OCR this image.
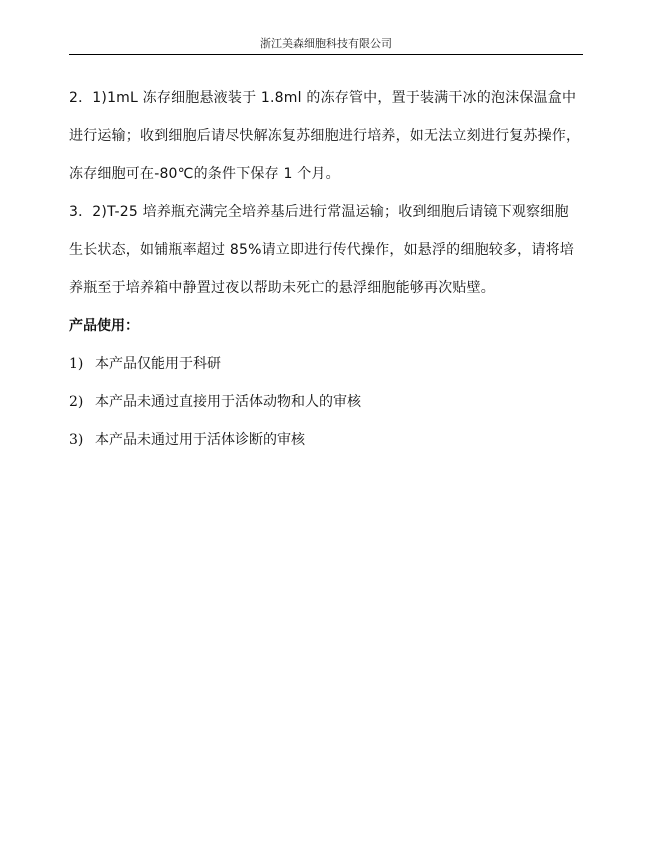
浙江美森细胞科技有限公司

2．1)1mL 冻存细胞悬液装于 1.8ml 的冻存管中，置于装满干冰的泡沫保温盒中
进行运输；收到细胞后请尽快解冻复苏细胞进行培养，如无法立刻进行复苏操作，
冻存细胞可在-80℃的条件下保存 1 个月。

3．2)T-25 培养瓶充满完全培养基后进行常温运输；收到细胞后请镜下观察细胞
生长状态，如铺瓶率超过 85%请立即进行传代操作，如悬浮的细胞较多，请将培
养瓶至于培养箱中静置过夜以帮助未死亡的悬浮细胞能够再次贴壁。

产品使用：
1) 本产品仅能用于科研
2) 本产品未通过直接用于活体动物和人的审核
3) 本产品未通过用于活体诊断的审核
